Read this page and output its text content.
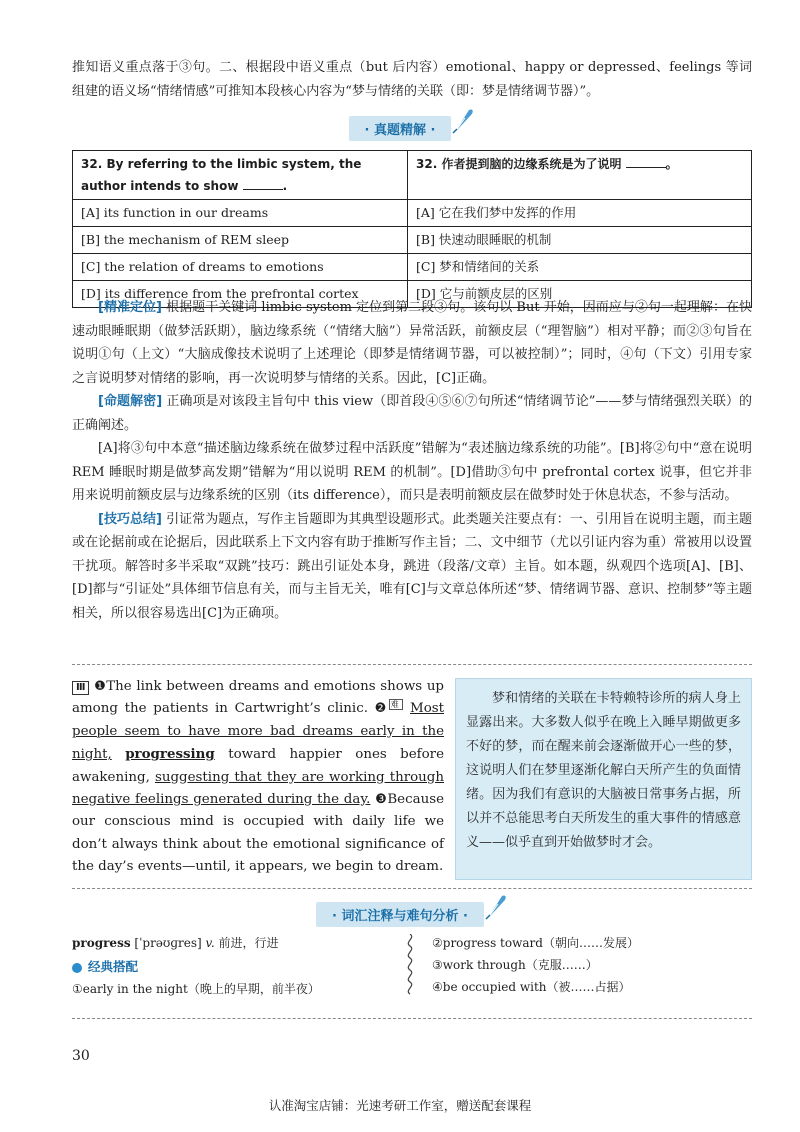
推知语义重点落于③句。二、根据段中语义重点（but 后内容）emotional、happy or depressed、feelings 等词组建的语义场“情绪情感”可推知本段核心内容为“梦与情绪的关联（即：梦是情绪调节器）”。
· 真题精解 ·
32. By referring to the limbic system, the author intends to show .	32. 作者提到脑的边缘系统是为了说明 。
[A] its function in our dreams	[A] 它在我们梦中发挥的作用
[B] the mechanism of REM sleep	[B] 快速动眼睡眠的机制
[C] the relation of dreams to emotions	[C] 梦和情绪间的关系
[D] its difference from the prefrontal cortex	[D] 它与前额皮层的区别

[精准定位] 根据题干关键词 limbic system 定位到第二段③句。该句以 But 开始，因而应与②句一起理解：在快速动眼睡眠期（做梦活跃期），脑边缘系统（“情绪大脑”）异常活跃，前额皮层（“理智脑”）相对平静；而②③句旨在说明①句（上文）“大脑成像技术说明了上述理论（即梦是情绪调节器，可以被控制）”；同时，④句（下文）引用专家之言说明梦对情绪的影响，再一次说明梦与情绪的关系。因此，[C]正确。

[命题解密] 正确项是对该段主旨句中 this view（即首段④⑤⑥⑦句所述“情绪调节论”——梦与情绪强烈关联）的正确阐述。

[A]将③句中本意“描述脑边缘系统在做梦过程中活跃度”错解为“表述脑边缘系统的功能”。[B]将②句中“意在说明 REM 睡眠时期是做梦高发期”错解为“用以说明 REM 的机制”。[D]借助③句中 prefrontal cortex 说事，但它并非用来说明前额皮层与边缘系统的区别（its difference），而只是表明前额皮层在做梦时处于休息状态，不参与活动。

[技巧总结] 引证常为题点，写作主旨题即为其典型设题形式。此类题关注要点有：一、引用旨在说明主题，而主题或在论据前或在论据后，因此联系上下文内容有助于推断写作主旨；二、文中细节（尤以引证内容为重）常被用以设置干扰项。解答时多半采取“双跳”技巧：跳出引证处本身，跳进（段落/文章）主旨。如本题，纵观四个选项[A]、[B]、[D]都与“引证处”具体细节信息有关，而与主旨无关，唯有[C]与文章总体所述“梦、情绪调节器、意识、控制梦”等主题相关，所以很容易选出[C]为正确项。

Ⅲ ❶The link between dreams and emotions shows up among the patients in Cartwright’s clinic. ❷ $^难$ Most people seem to have more bad dreams early in the night, progressing toward happier ones before awakening, suggesting that they are working through negative feelings generated during the day. ❸Because our conscious mind is occupied with daily life we don’t always think about the emotional significance of the day’s events—until, it appears, we begin to dream.
梦和情绪的关联在卡特赖特诊所的病人身上显露出来。大多数人似乎在晚上入睡早期做更多不好的梦，而在醒来前会逐渐做开心一些的梦，这说明人们在梦里逐渐化解白天所产生的负面情绪。因为我们有意识的大脑被日常事务占据，所以并不总能思考白天所发生的重大事件的情感意义——似乎直到开始做梦时才会。
· 词汇注释与难句分析 ·
progress [ˈprəʊɡres] v. 前进，行进
经典搭配
①early in the night（晚上的早期，前半夜）
②progress toward（朝向……发展）
③work through（克服……）
④be occupied with（被……占据）
30
认准淘宝店铺：光速考研工作室，赠送配套课程
